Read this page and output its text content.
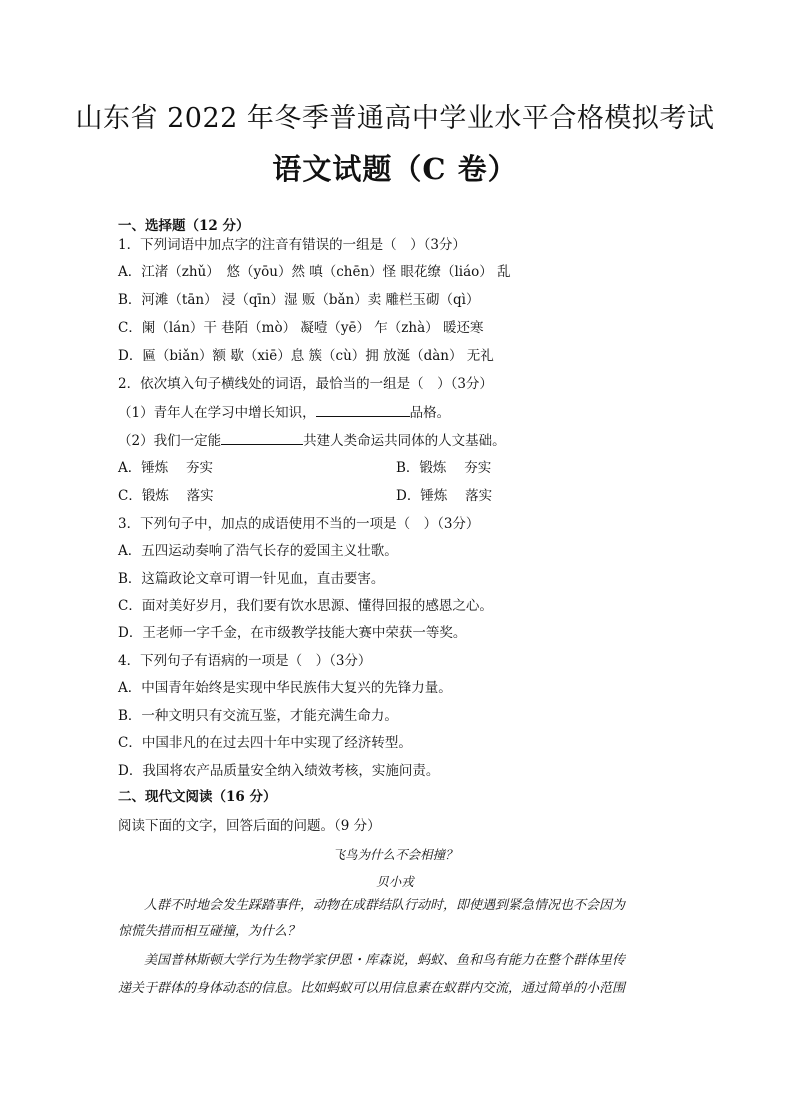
山东省 2022 年冬季普通高中学业水平合格模拟考试
语文试题（C 卷）
一、选择题（12 分）
1．下列词语中加点字的注音有错误的一组是（　）（3分）
A．江渚（zhǔ）　悠（yōu）然 嗔（chēn）怪 眼花缭（liáo） 乱
B．河滩（tān） 浸（qīn）湿 贩（bǎn）卖 雕栏玉砌（qì）
C．阑（lán）干 巷陌（mò） 凝噎（yē） 乍（zhà） 暖还寒
D．匾（biǎn）额 歇（xiē）息 簇（cù）拥 放涎（dàn） 无礼
2．依次填入句子横线处的词语，最恰当的一组是（　）（3分）
（1）青年人在学习中增长知识，	品格。
（2）我们一定能	共建人类命运共同体的人文基础。
A．锤炼　 夯实	B．锻炼　 夯实
C．锻炼　 落实	D．锤炼　 落实
3．下列句子中，加点的成语使用不当的一项是（　）（3分）
A．五四运动奏响了浩气长存的爱国主义壮歌。
B．这篇政论文章可谓一针见血，直击要害。
C．面对美好岁月，我们要有饮水思源、懂得回报的感恩之心。
D．王老师一字千金，在市级教学技能大赛中荣获一等奖。
4．下列句子有语病的一项是（　）（3分）
A．中国青年始终是实现中华民族伟大复兴的先锋力量。
B．一种文明只有交流互鉴，才能充满生命力。
C．中国非凡的在过去四十年中实现了经济转型。
D．我国将农产品质量安全纳入绩效考核，实施问责。
二、现代文阅读（16 分）
阅读下面的文字，回答后面的问题。（9 分）
飞鸟为什么不会相撞？
贝小戎
人群不时地会发生踩踏事件，动物在成群结队行动时，即使遇到紧急情况也不会因为
惊慌失措而相互碰撞，为什么？
美国普林斯顿大学行为生物学家伊恩・库森说，蚂蚁、鱼和鸟有能力在整个群体里传
递关于群体的身体动态的信息。比如蚂蚁可以用信息素在蚁群内交流，通过简单的小范围
